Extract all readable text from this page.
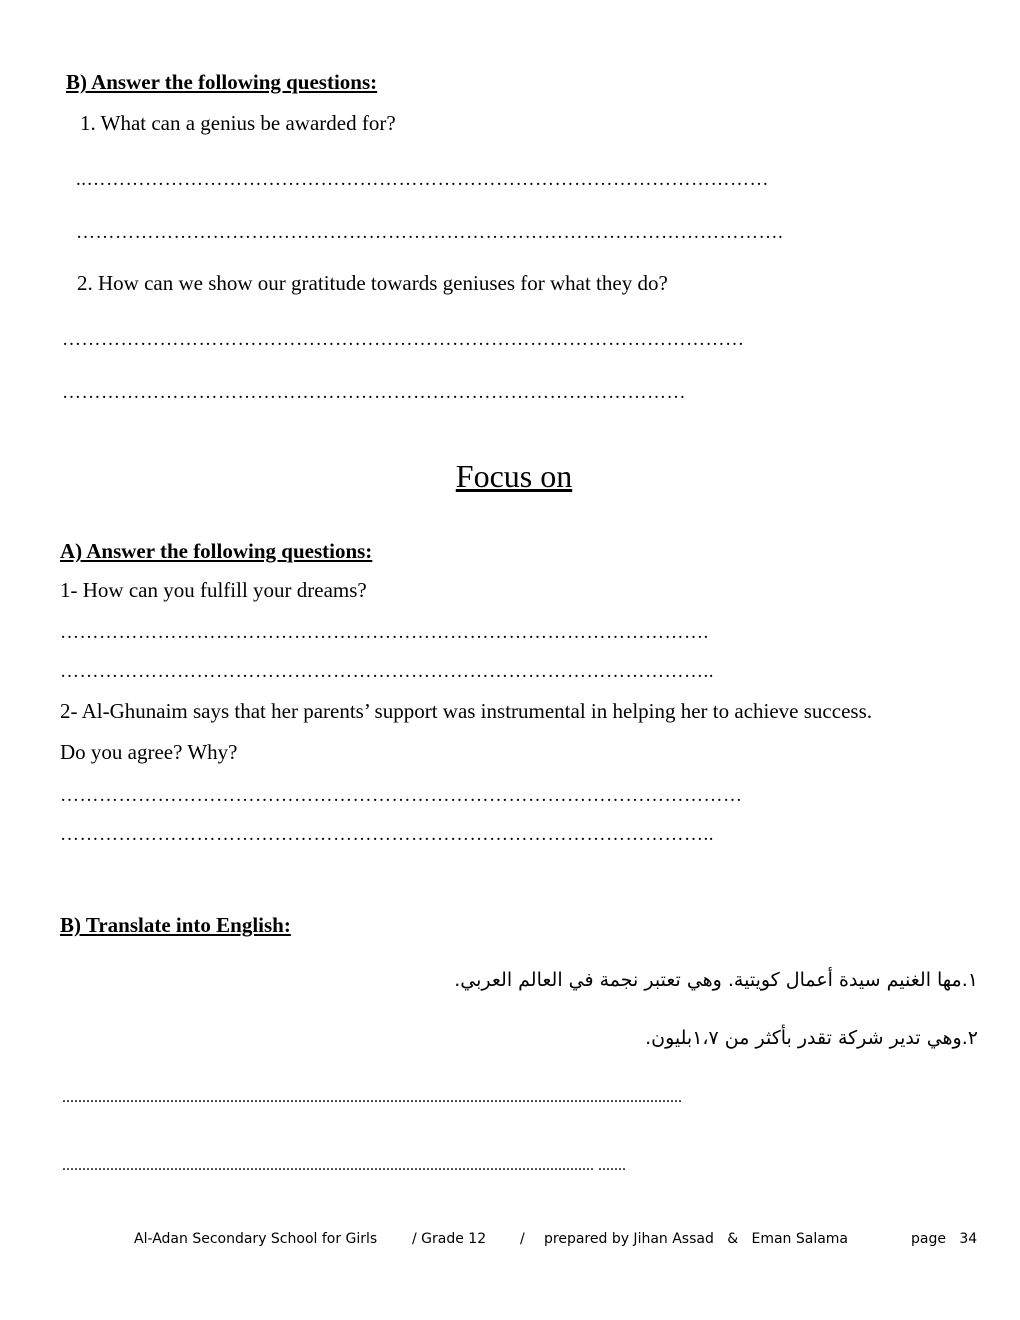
B) Answer the following questions:
1. What can a genius be awarded for?
..……………………………………………………………………………………………
……………………………………………………………………………………………….
2. How can we show our gratitude towards geniuses for what they do?
……………………………………………………………………………………………
……………………………………………………………………………………
Focus on
A) Answer the following questions:
1- How can you fulfill your dreams?
……………………………………………………………………………………….
………………………………………………………………………………………..
2- Al-Ghunaim says that her parents’ support was instrumental in helping her to achieve success.
Do you agree? Why?
……………………………………………………………………………………………
………………………………………………………………………………………..
B) Translate into English:
١.مها الغنيم سيدة أعمال كويتية. وهي تعتبر نجمة في العالم العربي.
٢.وهي تدير شركة تقدر بأكثر من ١،٧بليون.
...........................................................................................................................................................
..................................................................................................................................... .......
Al-Adan Secondary School for Girls / Grade 12 / prepared by Jihan Assad   &   Eman Salama	page   34
